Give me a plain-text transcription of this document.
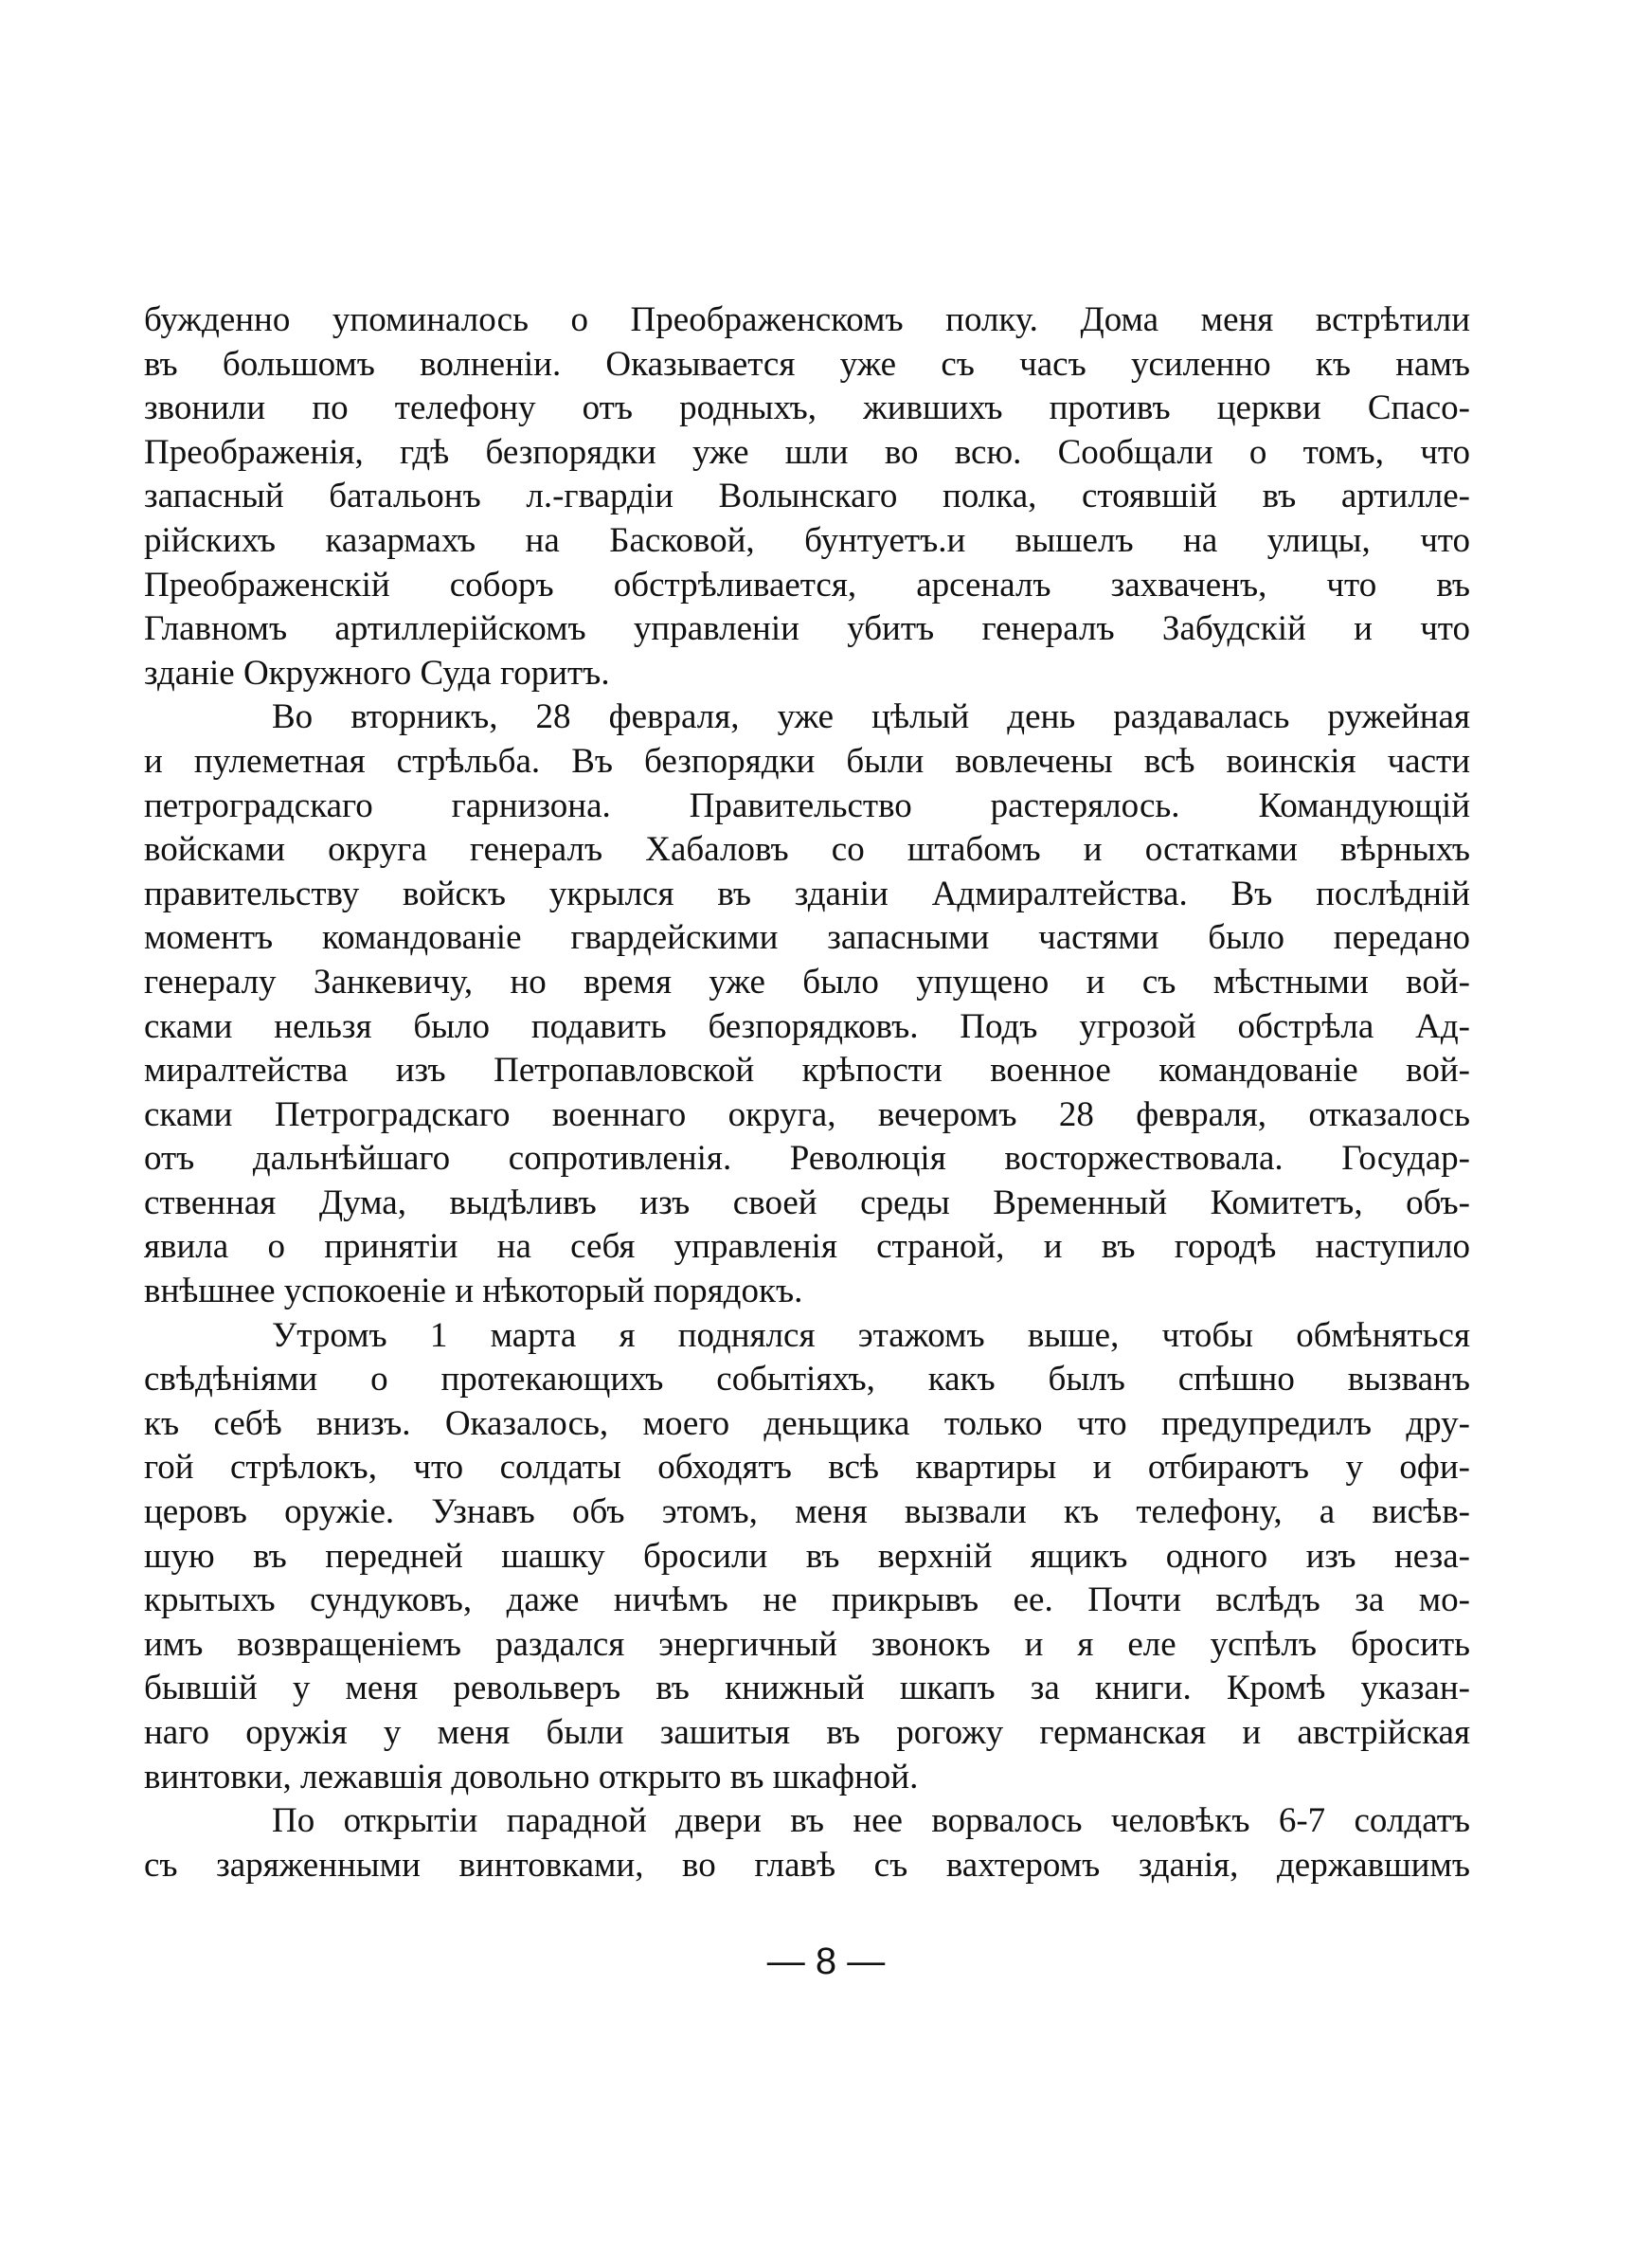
бужденно упоминалось о Преображенскомъ полку. Дома меня встрѣтили
въ большомъ волненіи. Оказывается уже съ часъ усиленно къ намъ
звонили по телефону отъ родныхъ, жившихъ противъ церкви Спасо-
Преображенія, гдѣ безпорядки уже шли во всю. Сообщали о томъ, что
запасный батальонъ л.-гвардіи Волынскаго полка, стоявшій въ артилле-
рійскихъ казармахъ на Басковой, бунтуетъ.и вышелъ на улицы, что
Преображенскій соборъ обстрѣливается, арсеналъ захваченъ, что въ
Главномъ артиллерійскомъ управленіи убитъ генералъ Забудскій и что
зданіе Окружного Суда горитъ.
Во вторникъ, 28 февраля, уже цѣлый день раздавалась ружейная
и пулеметная стрѣльба. Въ безпорядки были вовлечены всѣ воинскія части
петроградскаго гарнизона. Правительство растерялось. Командующій
войсками округа генералъ Хабаловъ со штабомъ и остатками вѣрныхъ
правительству войскъ укрылся въ зданіи Адмиралтейства. Въ послѣдній
моментъ командованіе гвардейскими запасными частями было передано
генералу Занкевичу, но время уже было упущено и съ мѣстными вой-
сками нельзя было подавить безпорядковъ. Подъ угрозой обстрѣла Ад-
миралтейства изъ Петропавловской крѣпости военное командованіе вой-
сками Петроградскаго военнаго округа, вечеромъ 28 февраля, отказалось
отъ дальнѣйшаго сопротивленія. Революція восторжествовала. Государ-
ственная Дума, выдѣливъ изъ своей среды Временный Комитетъ, объ-
явила о принятіи на себя управленія страной, и въ городѣ наступило
внѣшнее успокоеніе и нѣкоторый порядокъ.
Утромъ 1 марта я поднялся этажомъ выше, чтобы обмѣняться
свѣдѣніями о протекающихъ событіяхъ, какъ былъ спѣшно вызванъ
къ себѣ внизъ. Оказалось, моего деньщика только что предупредилъ дру-
гой стрѣлокъ, что солдаты обходятъ всѣ квартиры и отбираютъ у офи-
церовъ оружіе. Узнавъ объ этомъ, меня вызвали къ телефону, а висѣв-
шую въ передней шашку бросили въ верхній ящикъ одного изъ неза-
крытыхъ сундуковъ, даже ничѣмъ не прикрывъ ее. Почти вслѣдъ за мо-
имъ возвращеніемъ раздался энергичный звонокъ и я еле успѣлъ бросить
бывшій у меня револьверъ въ книжный шкапъ за книги. Кромѣ указан-
наго оружія у меня были зашитыя въ рогожу германская и австрійская
винтовки, лежавшія довольно открыто въ шкафной.
По открытіи парадной двери въ нее ворвалось человѣкъ 6-7 солдатъ
съ заряженными винтовками, во главѣ съ вахтеромъ зданія, державшимъ
— 8 —
